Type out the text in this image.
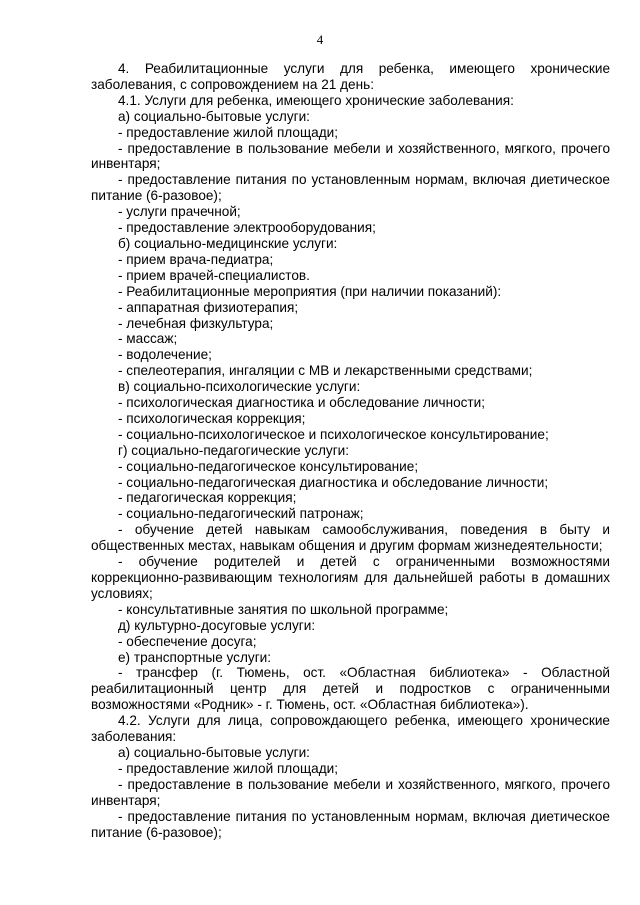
4

4. Реабилитационные услуги для ребенка, имеющего хронические заболевания, с сопровождением на 21 день:

4.1. Услуги для ребенка, имеющего хронические заболевания:

а) социально-бытовые услуги:

- предоставление жилой площади;

- предоставление в пользование мебели и хозяйственного, мягкого, прочего инвентаря;

- предоставление питания по установленным нормам, включая диетическое питание (6-разовое);

- услуги прачечной;

- предоставление электрооборудования;

б) социально-медицинские услуги:

- прием врача-педиатра;

- прием врачей-специалистов.

- Реабилитационные мероприятия (при наличии показаний):

- аппаратная физиотерапия;

- лечебная физкультура;

- массаж;

- водолечение;

- спелеотерапия, ингаляции с МВ и лекарственными средствами;

в) социально-психологические услуги:

- психологическая диагностика и обследование личности;

- психологическая коррекция;

- социально-психологическое и психологическое консультирование;

г) социально-педагогические услуги:

- социально-педагогическое консультирование;

- социально-педагогическая диагностика и обследование личности;

- педагогическая коррекция;

- социально-педагогический патронаж;

- обучение детей навыкам самообслуживания, поведения в быту и общественных местах, навыкам общения и другим формам жизнедеятельности;

- обучение родителей и детей с ограниченными возможностями коррекционно-развивающим технологиям для дальнейшей работы в домашних условиях;

- консультативные занятия по школьной программе;

д) культурно-досуговые услуги:

- обеспечение досуга;

е) транспортные услуги:

- трансфер (г. Тюмень, ост. «Областная библиотека» - Областной реабилитационный центр для детей и подростков с ограниченными возможностями «Родник» - г. Тюмень, ост. «Областная библиотека»).

4.2. Услуги для лица, сопровождающего ребенка, имеющего хронические заболевания:

а) социально-бытовые услуги:

- предоставление жилой площади;

- предоставление в пользование мебели и хозяйственного, мягкого, прочего инвентаря;

- предоставление питания по установленным нормам, включая диетическое питание (6-разовое);
